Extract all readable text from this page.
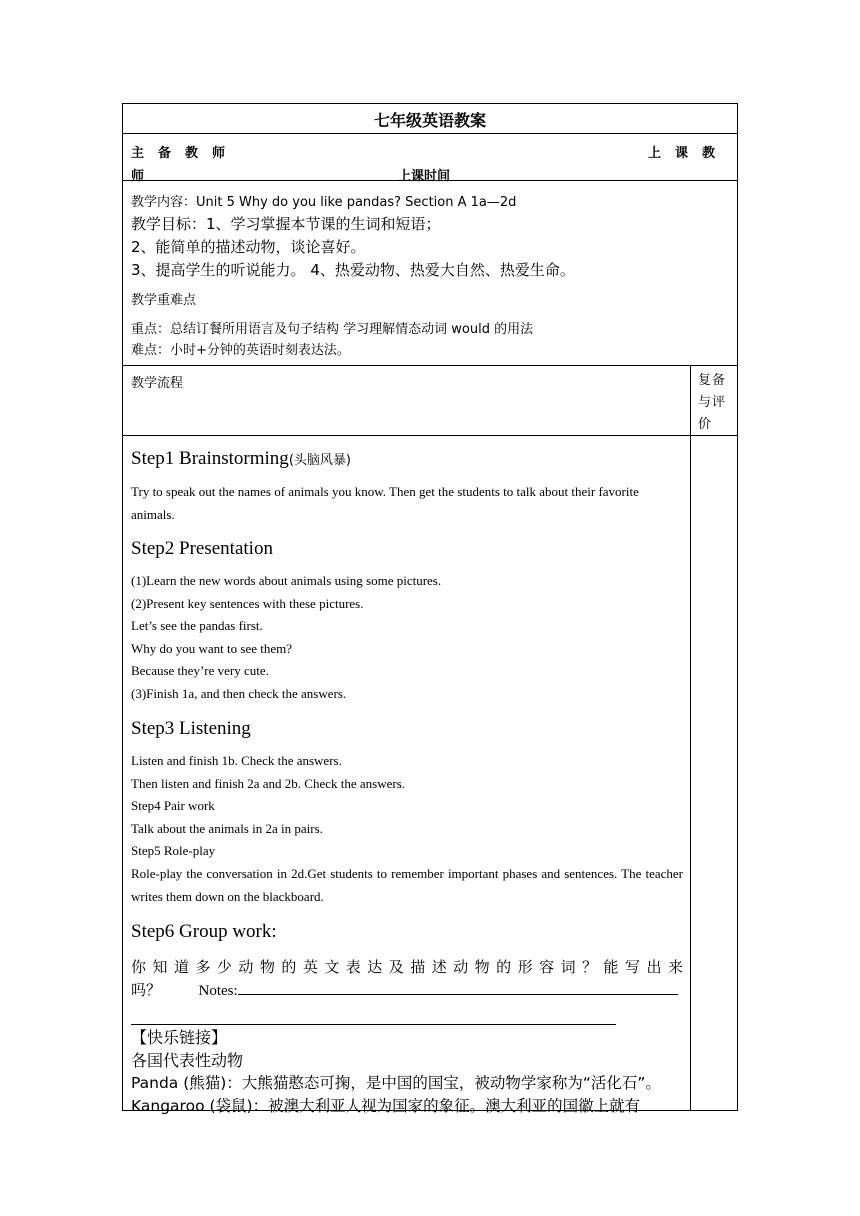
七年级英语教案
主备教师	上课教
师	上课时间
教学内容：Unit 5 Why do you like pandas? Section A 1a—2d
教学目标：1、学习掌握本节课的生词和短语；
2、能简单的描述动物，谈论喜好。
3、提高学生的听说能力。 4、热爱动物、热爱大自然、热爱生命。
教学重难点
重点：总结订餐所用语言及句子结构 学习理解情态动词 would 的用法
难点：小时+分钟的英语时刻表达法。
教学流程	复备与评价
Step1 Brainstorming(头脑风暴)
Try to speak out the names of animals you know. Then get the students to talk about their favorite animals.
Step2 Presentation
(1)Learn the new words about animals using some pictures.
(2)Present key sentences with these pictures.
Let’s see the pandas first.
Why do you want to see them?
Because they’re very cute.
(3)Finish 1a, and then check the answers.
Step3 Listening
Listen and finish 1b. Check the answers.
Then listen and finish 2a and 2b. Check the answers.
Step4 Pair work
Talk about the animals in 2a in pairs.
Step5 Role-play
Role-play the conversation in 2d.Get students to remember important phases and sentences. The teacher writes them down on the blackboard.
Step6 Group work:
你知道多少动物的英文表达及描述动物的形容词？能写出来
吗？	Notes:
【快乐链接】
各国代表性动物
Panda (熊猫)：大熊猫憨态可掬，是中国的国宝，被动物学家称为“活化石”。
Kangaroo (袋鼠)：被澳大利亚人视为国家的象征。澳大利亚的国徽上就有
